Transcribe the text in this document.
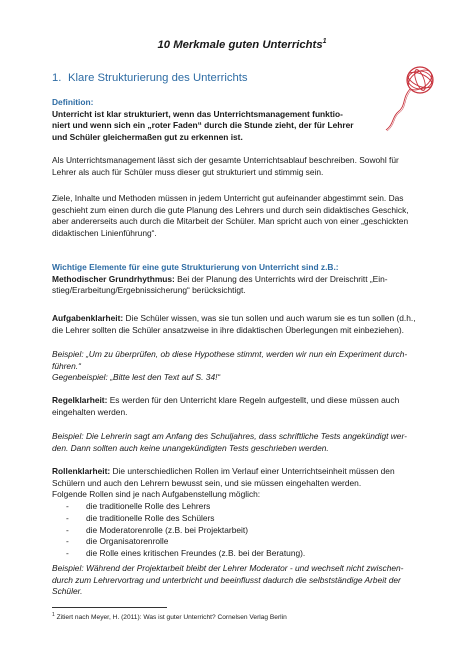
10 Merkmale guten Unterrichts$^1$
1. Klare Strukturierung des Unterrichts
Definition:
Unterricht ist klar strukturiert, wenn das Unterrichtsmanagement funktio-
niert und wenn sich ein „roter Faden“ durch die Stunde zieht, der für Lehrer
und Schüler gleichermaßen gut zu erkennen ist.
Als Unterrichtsmanagement lässt sich der gesamte Unterrichtsablauf beschreiben. Sowohl für
Lehrer als auch für Schüler muss dieser gut strukturiert und stimmig sein.
Ziele, Inhalte und Methoden müssen in jedem Unterricht gut aufeinander abgestimmt sein. Das
geschieht zum einen durch die gute Planung des Lehrers und durch sein didaktisches Geschick,
aber andererseits auch durch die Mitarbeit der Schüler. Man spricht auch von einer „geschickten
didaktischen Linienführung“.
Wichtige Elemente für eine gute Strukturierung von Unterricht sind z.B.:
Methodischer Grundrhythmus: Bei der Planung des Unterrichts wird der Dreischritt „Ein-
stieg/Erarbeitung/Ergebnissicherung“ berücksichtigt.
Aufgabenklarheit: Die Schüler wissen, was sie tun sollen und auch warum sie es tun sollen (d.h.,
die Lehrer sollten die Schüler ansatzweise in ihre didaktischen Überlegungen mit einbeziehen).
Beispiel: „Um zu überprüfen, ob diese Hypothese stimmt, werden wir nun ein Experiment durch-
führen.“
Gegenbeispiel: „Bitte lest den Text auf S. 34!“
Regelklarheit: Es werden für den Unterricht klare Regeln aufgestellt, und diese müssen auch
eingehalten werden.
Beispiel: Die Lehrerin sagt am Anfang des Schuljahres, dass schriftliche Tests angekündigt wer-
den. Dann sollten auch keine unangekündigten Tests geschrieben werden.
Rollenklarheit: Die unterschiedlichen Rollen im Verlauf einer Unterrichtseinheit müssen den
Schülern und auch den Lehrern bewusst sein, und sie müssen eingehalten werden.
Folgende Rollen sind je nach Aufgabenstellung möglich:
- die traditionelle Rolle des Lehrers
- die traditionelle Rolle des Schülers
- die Moderatorenrolle (z.B. bei Projektarbeit)
- die Organisatorenrolle
- die Rolle eines kritischen Freundes (z.B. bei der Beratung).
Beispiel: Während der Projektarbeit bleibt der Lehrer Moderator - und wechselt nicht zwischen-
durch zum Lehrervortrag und unterbricht und beeinflusst dadurch die selbstständige Arbeit der
Schüler.
$^1$ Zitiert nach Meyer, H. (2011): Was ist guter Unterricht? Cornelsen Verlag Berlin
